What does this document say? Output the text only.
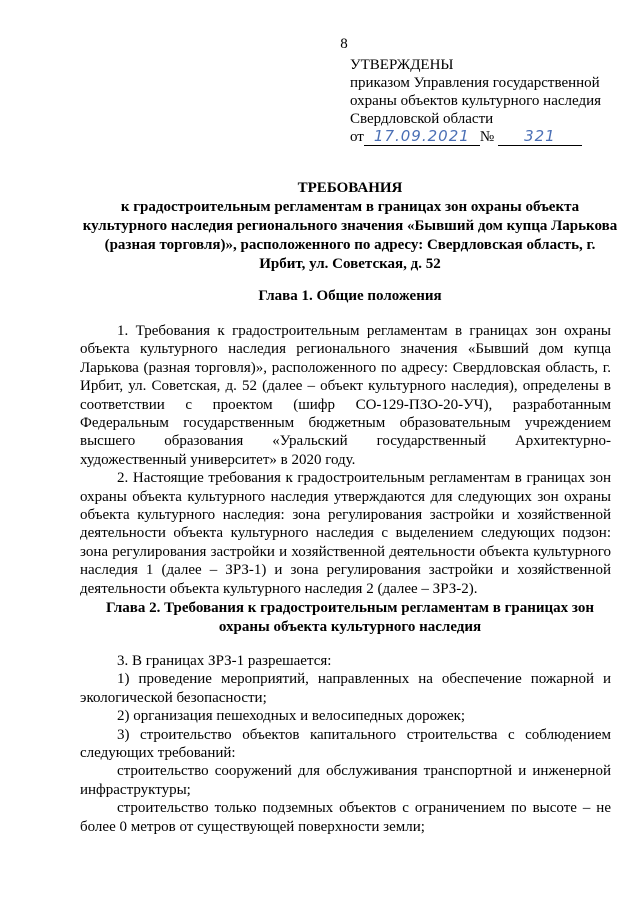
8
УТВЕРЖДЕНЫ
приказом Управления государственной
охраны объектов культурного наследия
Свердловской области
от 17.09.2021 №	321
ТРЕБОВАНИЯ
к градостроительным регламентам в границах зон охраны объекта культурного наследия регионального значения «Бывший дом купца Ларькова (разная торговля)», расположенного по адресу: Свердловская область, г. Ирбит, ул. Советская, д. 52
Глава 1. Общие положения

1. Требования к градостроительным регламентам в границах зон охраны объекта культурного наследия регионального значения «Бывший дом купца Ларькова (разная торговля)», расположенного по адресу: Свердловская область, г. Ирбит, ул. Советская, д. 52 (далее – объект культурного наследия), определены в соответствии с проектом (шифр СО-129-ПЗО-20-УЧ), разработанным Федеральным государственным бюджетным образовательным учреждением высшего образования «Уральский государственный Архитектурно-художественный университет» в 2020 году.

2. Настоящие требования к градостроительным регламентам в границах зон охраны объекта культурного наследия утверждаются для следующих зон охраны объекта культурного наследия: зона регулирования застройки и хозяйственной деятельности объекта культурного наследия с выделением следующих подзон: зона регулирования застройки и хозяйственной деятельности объекта культурного наследия 1 (далее – ЗРЗ-1) и зона регулирования застройки и хозяйственной деятельности объекта культурного наследия 2 (далее – ЗРЗ-2).

Глава 2. Требования к градостроительным регламентам в границах зон охраны объекта культурного наследия

3. В границах ЗРЗ-1 разрешается:

1) проведение мероприятий, направленных на обеспечение пожарной и экологической безопасности;

2) организация пешеходных и велосипедных дорожек;

3) строительство объектов капитального строительства с соблюдением следующих требований:

строительство сооружений для обслуживания транспортной и инженерной инфраструктуры;

строительство только подземных объектов с ограничением по высоте – не более 0 метров от существующей поверхности земли;
